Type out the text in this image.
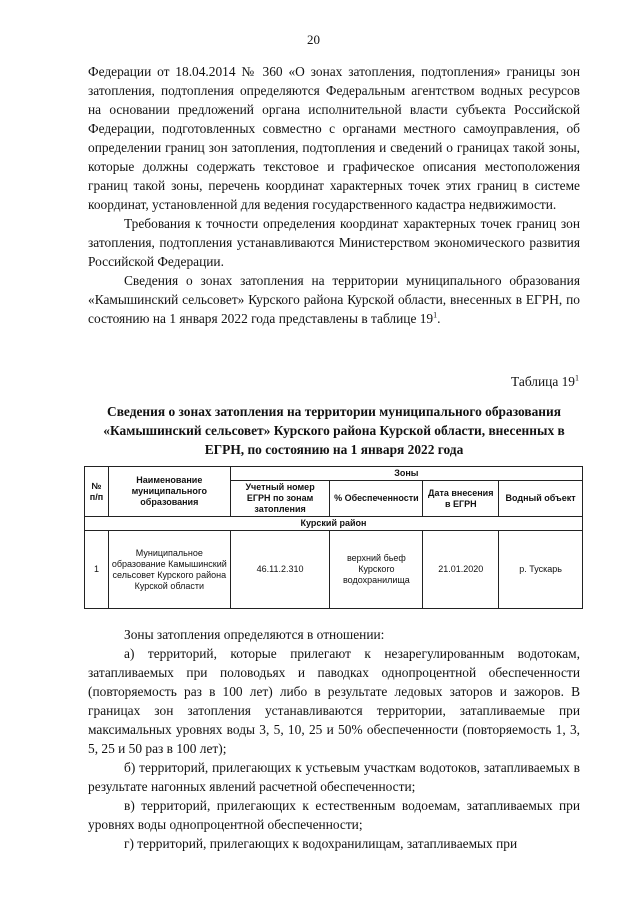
20

Федерации от 18.04.2014 № 360 «О зонах затопления, подтопления» границы зон затопления, подтопления определяются Федеральным агентством водных ресурсов на основании предложений органа исполнительной власти субъекта Российской Федерации, подготовленных совместно с органами местного самоуправления, об определении границ зон затопления, подтопления и сведений о границах такой зоны, которые должны содержать текстовое и графическое описания местоположения границ такой зоны, перечень координат характерных точек этих границ в системе координат, установленной для ведения государственного кадастра недвижимости.

Требования к точности определения координат характерных точек границ зон затопления, подтопления устанавливаются Министерством экономического развития Российской Федерации.

Сведения о зонах затопления на территории муниципального образования «Камышинский сельсовет» Курского района Курской области, внесенных в ЕГРН, по состоянию на 1 января 2022 года представлены в таблице $19^1$.

Таблица $19^1$
Сведения о зонах затопления на территории муниципального образования «Камышинский сельсовет» Курского района Курской области, внесенных в ЕГРН, по состоянию на 1 января 2022 года
№ п/п	Наименование муниципального образования	Зоны			
		Учетный номер ЕГРН по зонам затопления	% Обеспеченности	Дата внесения в ЕГРН	Водный объект
Курский район					
1	Муниципальное образование Камышинский сельсовет Курского района Курской области	46.11.2.310	верхний бьеф Курского водохранилища	21.01.2020	р. Тускарь

Зоны затопления определяются в отношении:

а) территорий, которые прилегают к незарегулированным водотокам, затапливаемых при половодьях и паводках однопроцентной обеспеченности (повторяемость раз в 100 лет) либо в результате ледовых заторов и зажоров. В границах зон затопления устанавливаются территории, затапливаемые при максимальных уровнях воды 3, 5, 10, 25 и 50% обеспеченности (повторяемость 1, 3, 5, 25 и 50 раз в 100 лет);

б) территорий, прилегающих к устьевым участкам водотоков, затапливаемых в результате нагонных явлений расчетной обеспеченности;

в) территорий, прилегающих к естественным водоемам, затапливаемых при уровнях воды однопроцентной обеспеченности;

г) территорий, прилегающих к водохранилищам, затапливаемых при
